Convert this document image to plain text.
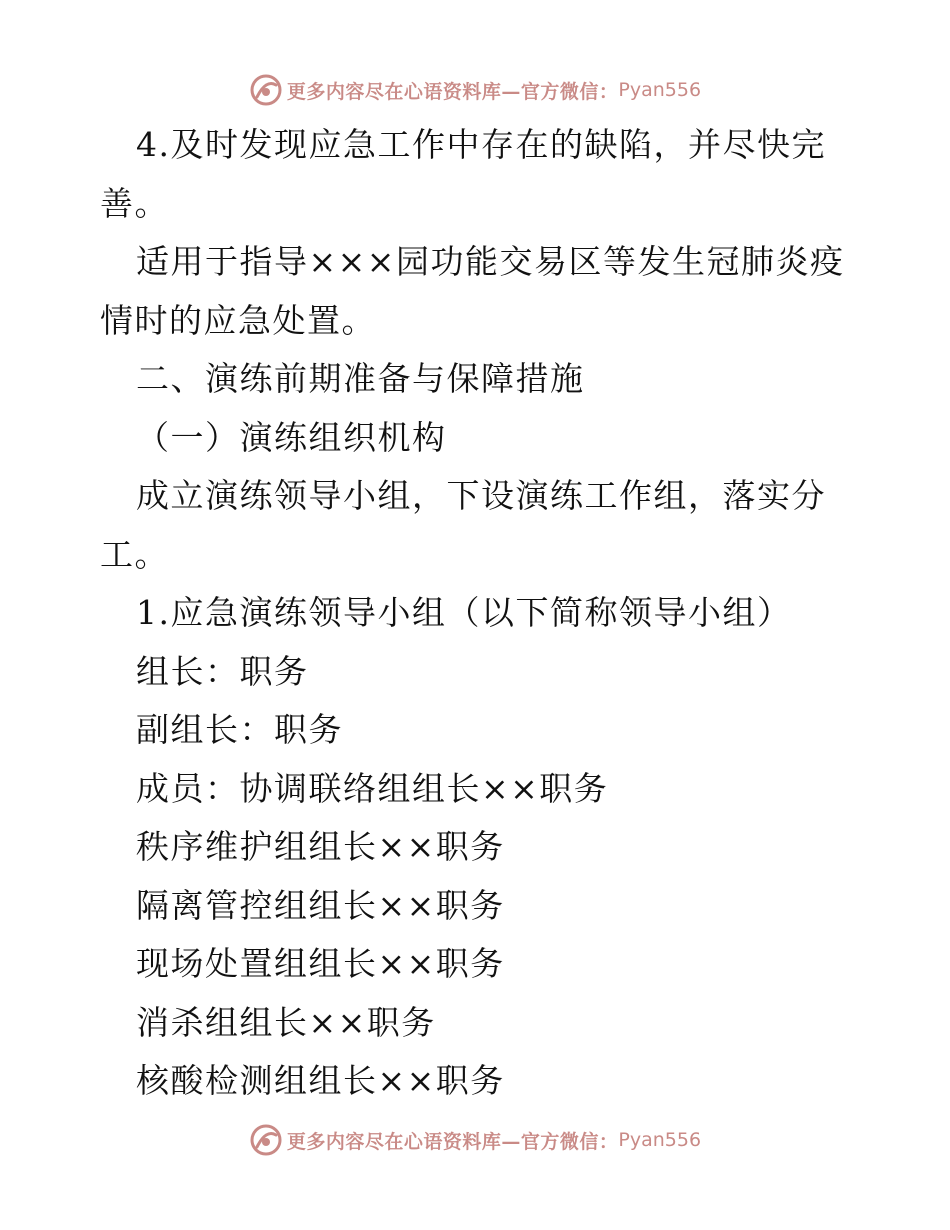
更多内容尽在心语资料库—官方微信： Pyan556
4.及时发现应急工作中存在的缺陷，并尽快完
善。
适用于指导×××园功能交易区等发生冠肺炎疫
情时的应急处置。
二、演练前期准备与保障措施
（一）演练组织机构
成立演练领导小组，下设演练工作组，落实分
工。
1.应急演练领导小组（以下简称领导小组）
组长：职务
副组长：职务
成员：协调联络组组长××职务
秩序维护组组长××职务
隔离管控组组长××职务
现场处置组组长××职务
消杀组组长××职务
核酸检测组组长××职务
更多内容尽在心语资料库—官方微信： Pyan556
